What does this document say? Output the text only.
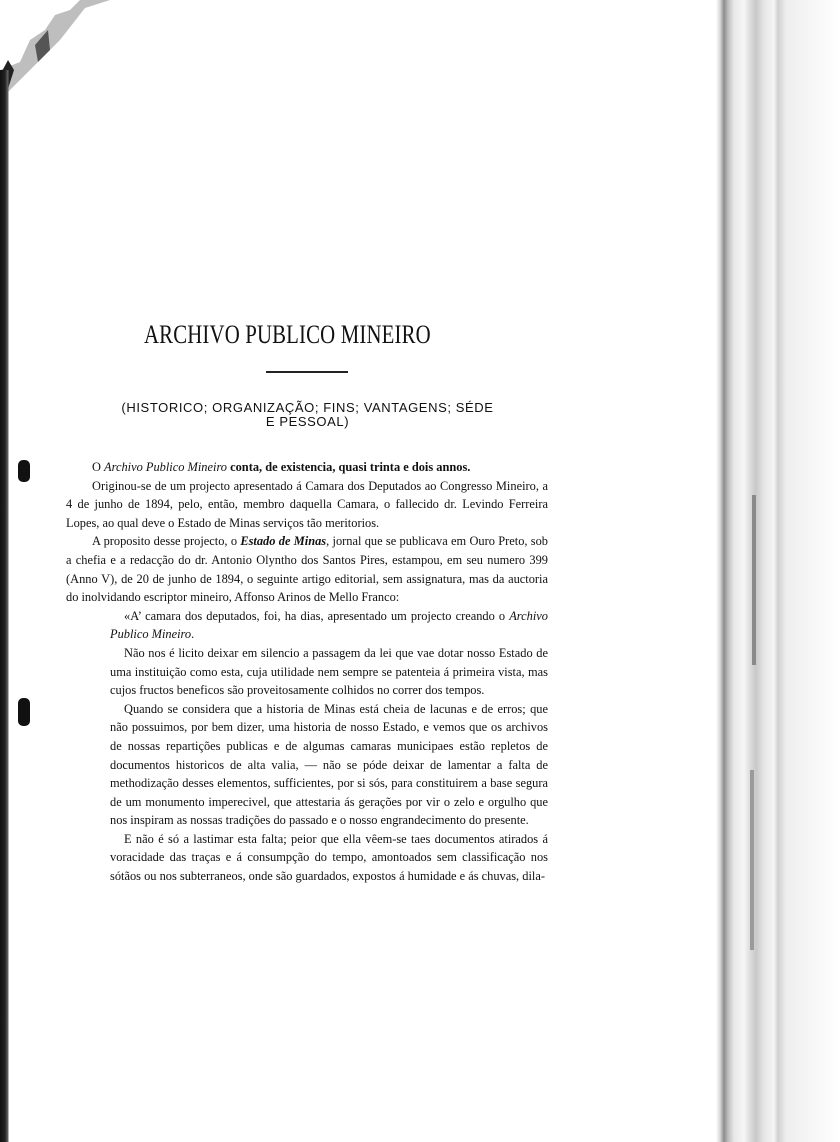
ARCHIVO PUBLICO MINEIRO
(HISTORICO; ORGANIZAÇÃO; FINS; VANTAGENS; SÉDE
E PESSOAL)

O Archivo Publico Mineiro conta, de existencia, quasi trinta e dois annos.

Originou-se de um projecto apresentado á Camara dos Deputados ao Congresso Mineiro, a 4 de junho de 1894, pelo, então, membro daquella Camara, o fallecido dr. Levindo Ferreira Lopes, ao qual deve o Estado de Minas serviços tão meritorios.

A proposito desse projecto, o Estado de Minas, jornal que se publicava em Ouro Preto, sob a chefia e a redacção do dr. Antonio Olyntho dos Santos Pires, estampou, em seu numero 399 (Anno V), de 20 de junho de 1894, o seguinte artigo editorial, sem assignatura, mas da auctoria do inolvidando escriptor mineiro, Affonso Arinos de Mello Franco:

«A’ camara dos deputados, foi, ha dias, apresentado um projecto creando o Archivo Publico Mineiro.

Não nos é licito deixar em silencio a passagem da lei que vae dotar nosso Estado de uma instituição como esta, cuja utilidade nem sempre se patenteia á primeira vista, mas cujos fructos beneficos são proveitosamente colhidos no correr dos tempos.

Quando se considera que a historia de Minas está cheia de lacunas e de erros; que não possuimos, por bem dizer, uma historia de nosso Estado, e vemos que os archivos de nossas repartições publicas e de algumas camaras municipaes estão repletos de documentos historicos de alta valia, — não se póde deixar de lamentar a falta de methodização desses elementos, sufficientes, por si sós, para constituirem a base segura de um monumento imperecivel, que attestaria ás gerações por vir o zelo e orgulho que nos inspiram as nossas tradições do passado e o nosso engrandecimento do presente.

E não é só a lastimar esta falta; peior que ella vêem-se taes documentos atirados á voracidade das traças e á consumpção do tempo, amontoados sem classificação nos sótãos ou nos subterraneos, onde são guardados, expostos á humidade e ás chuvas, dila-
